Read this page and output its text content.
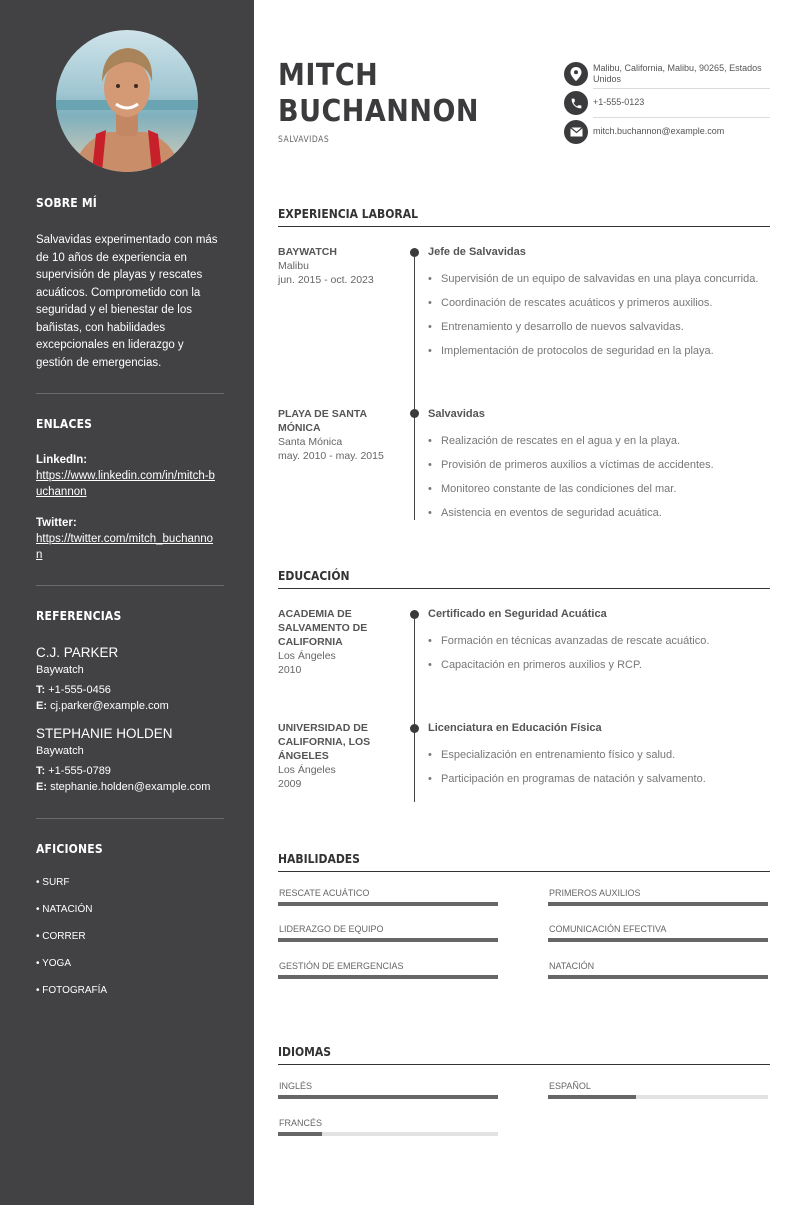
SOBRE MÍ

Salvavidas experimentado con más de 10 años de experiencia en supervisión de playas y rescates acuáticos. Comprometido con la seguridad y el bienestar de los bañistas, con habilidades excepcionales en liderazgo y gestión de emergencias.

ENLACES
LinkedIn:
https://www.linkedin.com/in/mitch-buchannon
Twitter:
https://twitter.com/mitch_buchannon
REFERENCIAS
C.J. PARKER
Baywatch
T: +1-555-0456
E: cj.parker@example.com
STEPHANIE HOLDEN
Baywatch
T: +1-555-0789
E: stephanie.holden@example.com
AFICIONES
• SURF
• NATACIÓN
• CORRER
• YOGA
• FOTOGRAFÍA
MITCH BUCHANNON
SALVAVIDAS
Malibu, California, Malibu, 90265, Estados Unidos
+1-555-0123
mitch.buchannon@example.com
EXPERIENCIA LABORAL
BAYWATCH
Malibu
jun. 2015 - oct. 2023
Jefe de Salvavidas
• Supervisión de un equipo de salvavidas en una playa concurrida.
• Coordinación de rescates acuáticos y primeros auxilios.
• Entrenamiento y desarrollo de nuevos salvavidas.
• Implementación de protocolos de seguridad en la playa.
PLAYA DE SANTA MÓNICA
Santa Mónica
may. 2010 - may. 2015
Salvavidas
• Realización de rescates en el agua y en la playa.
• Provisión de primeros auxilios a víctimas de accidentes.
• Monitoreo constante de las condiciones del mar.
• Asistencia en eventos de seguridad acuática.
EDUCACIÓN
ACADEMIA DE SALVAMENTO DE CALIFORNIA
Los Ángeles
2010
Certificado en Seguridad Acuática
• Formación en técnicas avanzadas de rescate acuático.
• Capacitación en primeros auxilios y RCP.
UNIVERSIDAD DE CALIFORNIA, LOS ÁNGELES
Los Ángeles
2009
Licenciatura en Educación Física
• Especialización en entrenamiento físico y salud.
• Participación en programas de natación y salvamento.
HABILIDADES
RESCATE ACUÁTICO	PRIMEROS AUXILIOS
LIDERAZGO DE EQUIPO	COMUNICACIÓN EFECTIVA
GESTIÓN DE EMERGENCIAS	NATACIÓN
IDIOMAS
INGLÉS	ESPAÑOL
FRANCÉS
